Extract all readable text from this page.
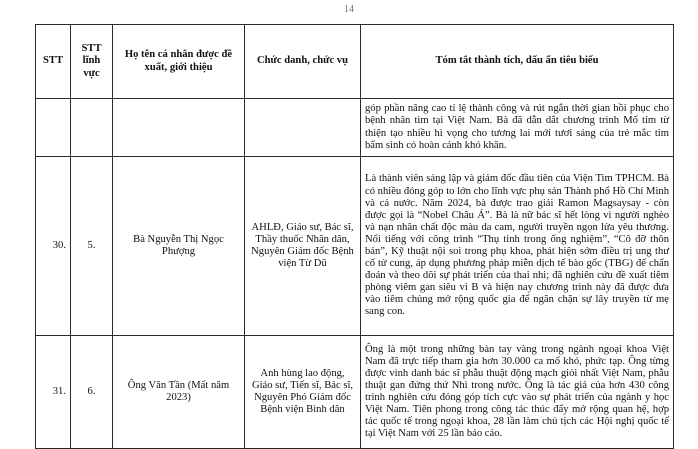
14
STT	STT lĩnh vực	Họ tên cá nhân được đề xuất, giới thiệu	Chức danh, chức vụ	Tóm tắt thành tích, dấu ấn tiêu biểu
				góp phần nâng cao tỉ lệ thành công và rút ngắn thời gian hồi phục cho bệnh nhân tim tại Việt Nam. Bà đã dẫn dắt chương trình Mổ tim từ thiện tạo nhiều hi vọng cho tương lai mới tươi sáng của trẻ mắc tim bẩm sinh có hoàn cảnh khó khăn.
30.	5.	Bà Nguyễn Thị Ngọc Phượng	AHLĐ, Giáo sư, Bác sĩ, Thầy thuốc Nhân dân, Nguyên Giám đốc Bệnh viện Từ Dũ	Là thành viên sáng lập và giám đốc đầu tiên của Viện Tim TPHCM. Bà có nhiều đóng góp to lớn cho lĩnh vực phụ sản Thành phố Hồ Chí Minh và cả nước. Năm 2024, bà được trao giải Ramon Magsaysay - còn được gọi là “Nobel Châu Á”. Bà là nữ bác sĩ hết lòng vì người nghèo và nạn nhân chất độc màu da cam, người truyền ngọn lửa yêu thương. Nổi tiếng với công trình “Thụ tinh trong ống nghiệm”, “Cô đỡ thôn bản”, Kỹ thuật nội soi trong phụ khoa, phát hiện sớm điều trị ung thư cổ tử cung, áp dụng phương pháp miễn dịch tế bào gốc (TBG) để chẩn đoán và theo dõi sự phát triển của thai nhi; đã nghiên cứu đề xuất tiêm phòng viêm gan siêu vi B và hiện nay chương trình này đã được đưa vào tiêm chủng mở rộng quốc gia để ngăn chặn sự lây truyền từ mẹ sang con.
31.	6.	Ông Văn Tần (Mất năm 2023)	Anh hùng lao động, Giáo sư, Tiến sĩ, Bác sĩ, Nguyên Phó Giám đốc Bệnh viện Bình dân	Ông là một trong những bàn tay vàng trong ngành ngoại khoa Việt Nam đã trực tiếp tham gia hơn 30.000 ca mổ khó, phức tạp. Ông từng được vinh danh bác sĩ phẫu thuật động mạch giỏi nhất Việt Nam, phẫu thuật gan đứng thứ Nhì trong nước. Ông là tác giả của hơn 430 công trình nghiên cứu đóng góp tích cực vào sự phát triển của ngành y học Việt Nam. Tiên phong trong công tác thúc đẩy mở rộng quan hệ, hợp tác quốc tế trong ngoại khoa, 28 lần làm chủ tịch các Hội nghị quốc tế tại Việt Nam với 25 lần báo cáo.
